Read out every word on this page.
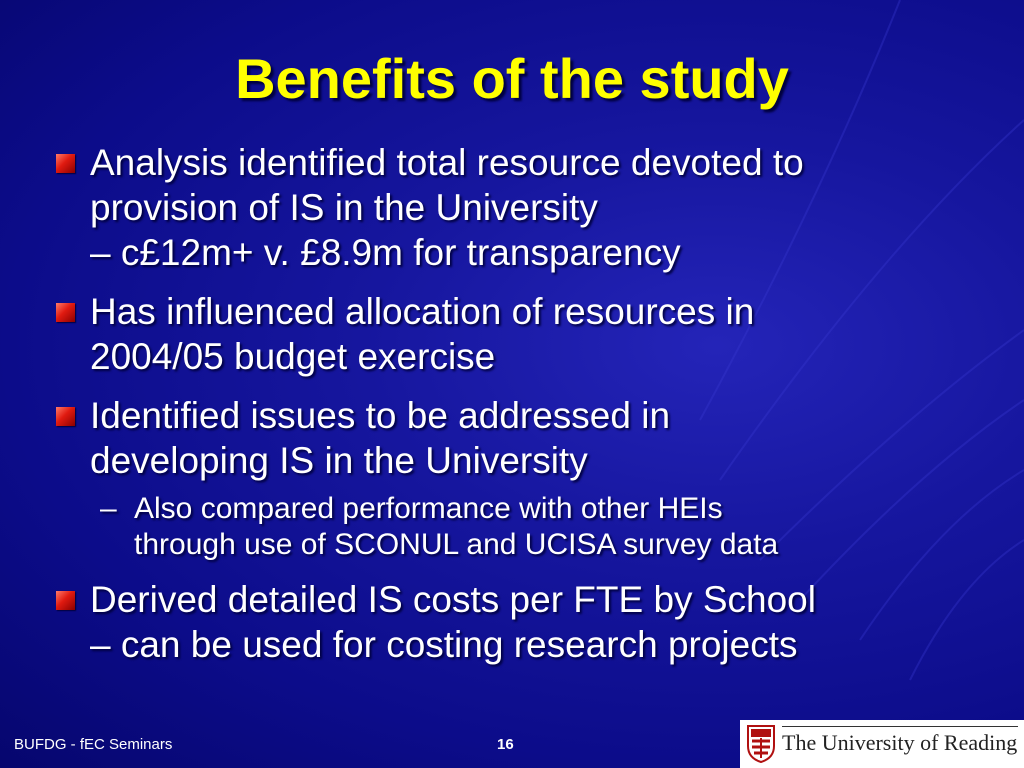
Benefits of the study
Analysis identified total resource devoted to
provision of IS in the University
– c£12m+ v. £8.9m for transparency
Has influenced allocation of resources in
2004/05 budget exercise
Identified issues to be addressed in
developing IS in the University
– Also compared performance with other HEIs
through use of SCONUL and UCISA survey data
Derived detailed IS costs per FTE by School
– can be used for costing research projects
BUFDG - fEC Seminars	16	The University of Reading
